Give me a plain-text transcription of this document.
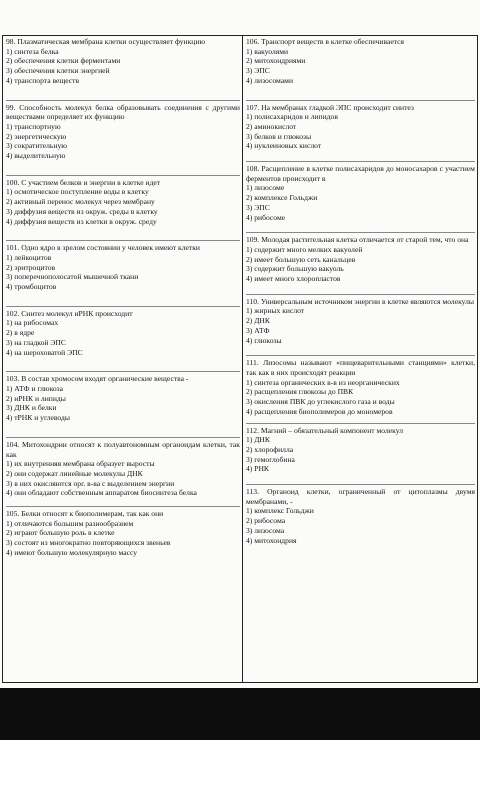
98. Плазматическая мембрана клетки осуществляет функцию
1) синтеза белка
2) обеспечения клетки ферментами
3) обеспечения клетки энергией
4) транспорта веществ
99. Способность молекул белка образовывать соединения с другими веществами определяет их функцию
1) транспортную
2) энергетическую
3) сократительную
4) выделительную
100. С участием белков и энергии в клетке идет
1) осмотическое поступление воды в клетку
2) активный перенос молекул через мембрану
3) диффузия веществ из окруж. среды в клетку
4) диффузия веществ из клетки в окруж. среду
101. Одно ядро в зрелом состоянии у человек имеют клетки
1) лейкоцитов
2) эритроцитов
3) поперечнополосатой мышечной ткани
4) тромбоцитов
102. Синтез молекул иРНК происходит
1) на рибосомах
2) в ядре
3) на гладкой ЭПС
4) на шероховатой ЭПС
103. В состав хромосом входят органические вещества -
1) АТФ и глюкоза
2) иРНК и липиды
3) ДНК и белки
4) тРНК и углеводы
104. Митохондрии относят к полуавтономным органоидам клетки, так как
1) их внутренняя мембрана образует выросты
2) они содержат линейные молекулы ДНК
3) в них окисляются орг. в-ва с выделением энергии
4) они обладают собственным аппаратом биосинтеза белка
105. Белки относят к биополимерам, так как они
1) отличаются большим разнообразием
2) играют большую роль в клетке
3) состоят из многократно повторяющихся звеньев
4) имеют большую молекулярную массу
106. Транспорт веществ в клетке обеспечивается
1) вакуолями
2) митохондриями
3) ЭПС
4) лизосомами
107. На мембранах гладкой ЭПС происходит синтез
1) полисахаридов и липидов
2) аминокислот
3) белков и глюкозы
4) нуклеиновых кислот
108. Расщепление в клетке полисахаридов до моносахаров с участием ферментов происходит в
1) лизосоме
2) комплексе Гольджи
3) ЭПС
4) рибосоме
109. Молодая растительная клетка отличается от старой тем, что она
1) содержит много мелких вакуолей
2) имеет большую сеть канальцев
3) содержит большую вакуоль
4) имеет много хлоропластов
110. Универсальным источником энергии в клетке являются молекулы
1) жирных кислот
2) ДНК
3) АТФ
4) глюкозы
111. Лизосомы называют «пищеварительными станциями» клетки, так как в них происходят реакции
1) синтеза органических в-в из неорганических
2) расщепления глюкозы до ПВК
3) окисления ПВК до углекислого газа и воды
4) расщепления биополимеров до мономеров
112. Магний – обязательный компонент молекул
1) ДНК
2) хлорофилла
3) гемоглобина
4) РНК
113. Органоид клетки, ограниченный от цитоплазмы двумя мембранами, -
1) комплекс Гольджи
2) рибосома
3) лизосома
4) митохондрия
